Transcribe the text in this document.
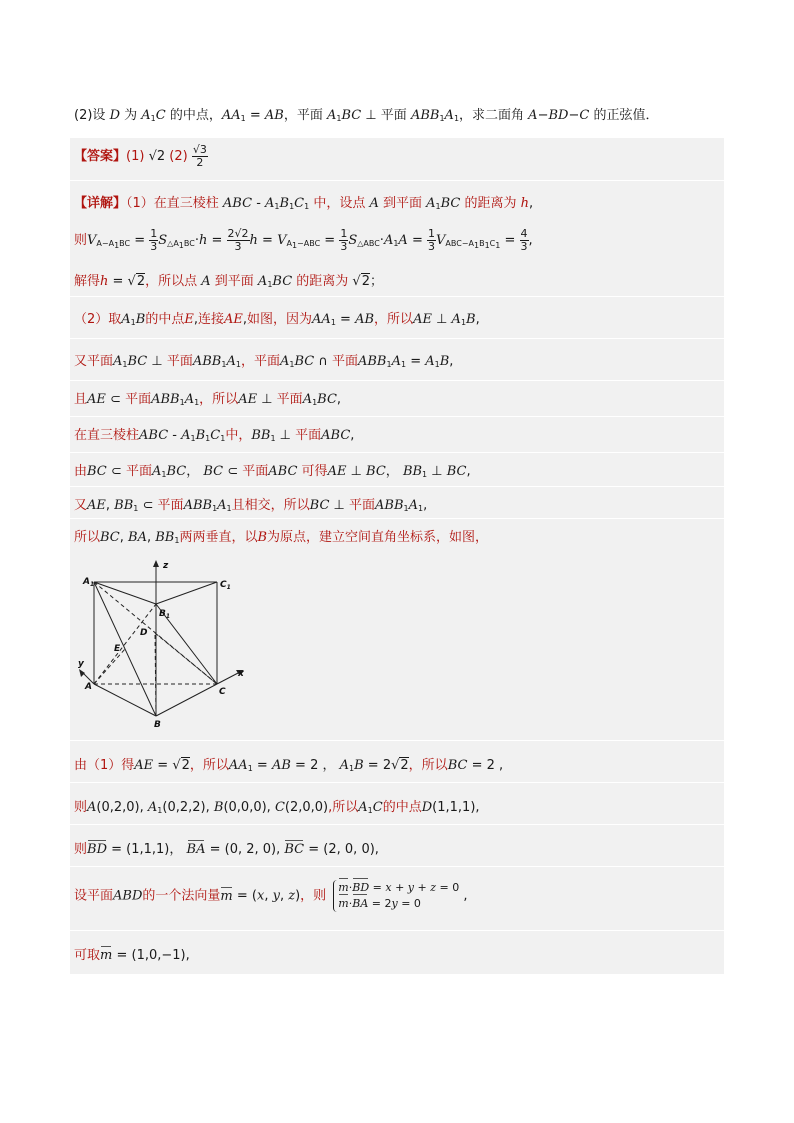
(2)设 D 为 $A_1C$ 的中点，$AA_1$ = AB，平面 $A_1BC$ ⊥ 平面 $ABB_1A_1$，求二面角 A−BD−C 的正弦值．
【答案】(1) √2 $(2) \frac{√3}{2}$
【详解】（1）在直三棱柱 ABC - $A_1B_1C_1$ 中，设点 A 到平面 $A_1BC$ 的距离为 h,
则$V_{A-A_1BC} = \frac{1}{3} S_{\triangle A_1BC}\cdot h = \frac{2√2}{3}$ $h = V_{A_1-ABC} = \frac{1}{3} S_{\triangle ABC}\cdot A_1A = \frac{1}{3} V_{ABC-A_1B_1C_1} = \frac{4}{3}$ ,
解得h = √2，所以点 A 到平面 $A_1BC$ 的距离为 √2；
（2）取$A_1B$的中点E,连接AE,如图，因为$AA_1$ = AB，所以AE ⊥ $A_1B$,
又平面$A_1BC$ ⊥ 平面$ABB_1A_1$，平面$A_1BC$ ∩ 平面$ABB_1A_1 = A_1B$,
且AE ⊂ 平面$ABB_1A_1$，所以AE ⊥ 平面$A_1BC$,
在直三棱柱ABC - $A_1B_1C_1$中，$BB_1$ ⊥ 平面ABC,
由BC ⊂ 平面$A_1BC$， BC ⊂ 平面ABC 可得AE ⊥ BC， $BB_1$ ⊥ BC,
又AE, $BB_1$ ⊂ 平面$ABB_1A_1$且相交，所以BC ⊥ 平面$ABB_1A_1$,
所以BC, BA, $BB_1$两两垂直，以B为原点，建立空间直角坐标系，如图，
$A_1$
z
$C_1$
$B_1$
D
E
y
A	C
x
B
由（1）得AE = √2，所以$AA_1$ = AB = 2 ， $A_1B = 2√2$，所以BC = 2 ,
则A(0,2,0), $A_1(0,2,2)$, B(0,0,0), C(2,0,0),所以$A_1C$的中点D(1,1,1),
则BD = (1,1,1)， BA = (0, 2, 0), BC = (2, 0, 0),
设平面ABD的一个法向量m = (x, y, z)，则 m·BD = x + y + z = 0
m·BA = 2y = 0	,
可取m = (1,0,−1),
